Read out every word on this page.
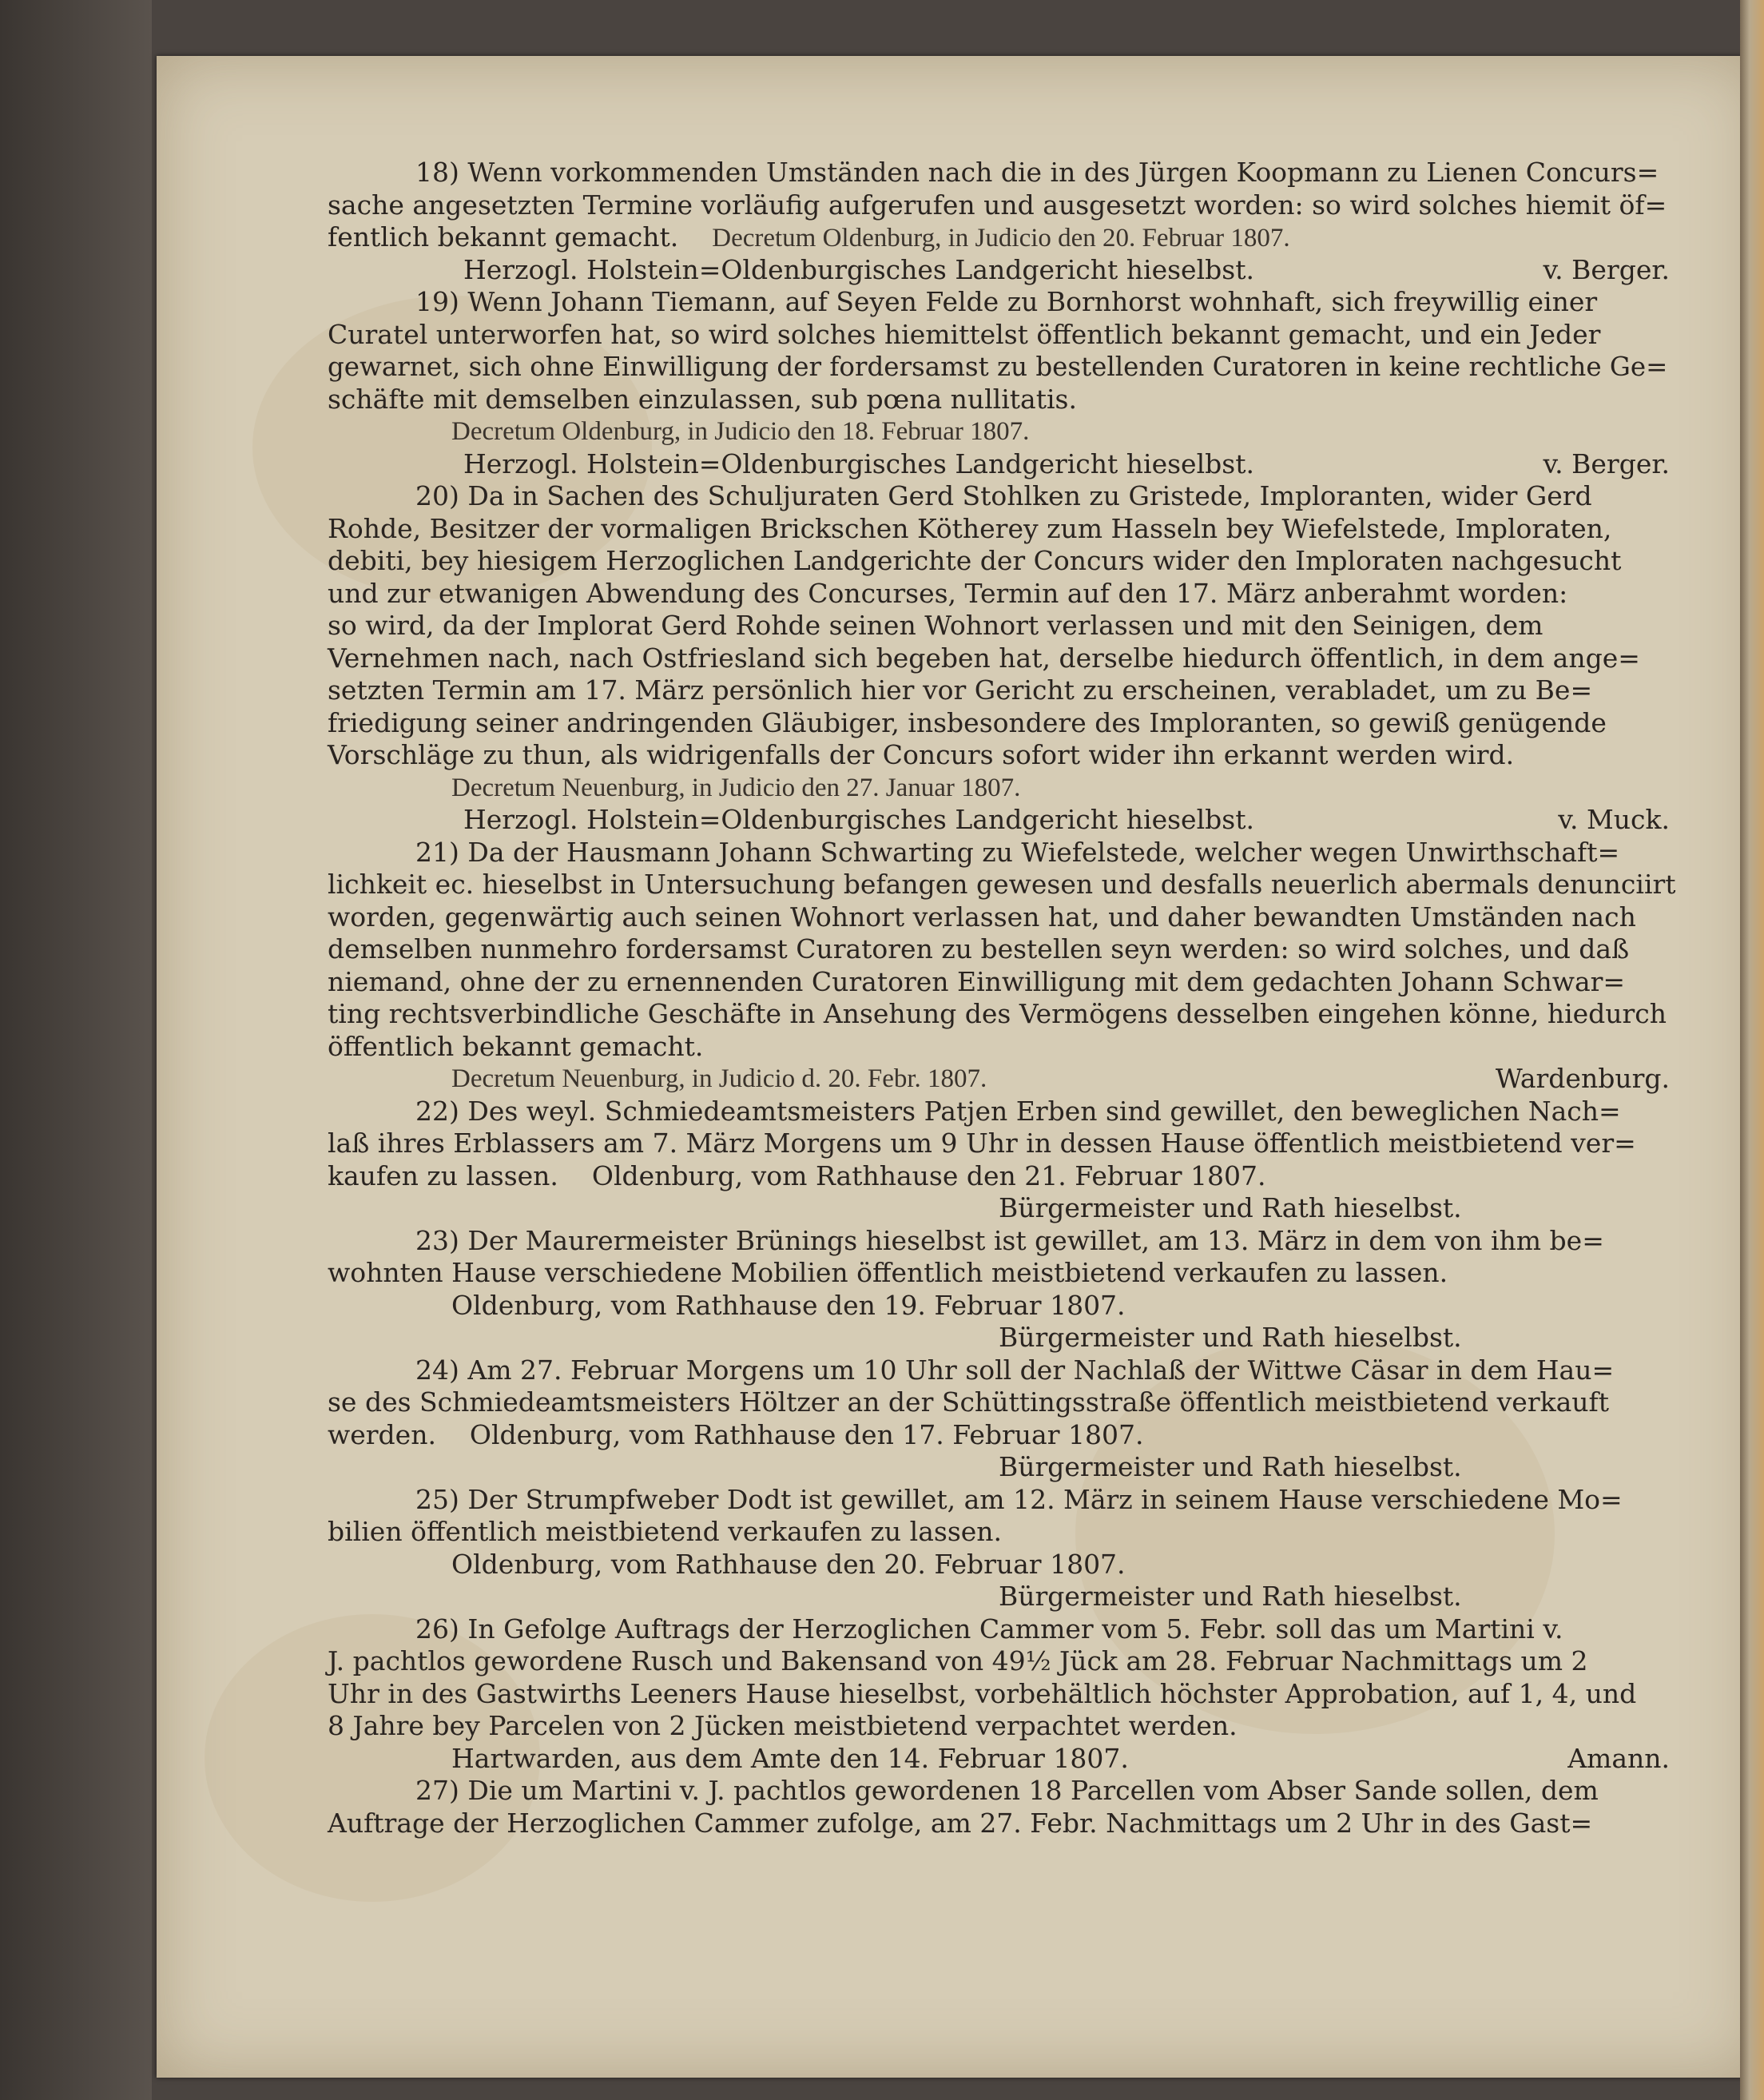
18) Wenn vorkommenden Umständen nach die in des Jürgen Koopmann zu Lienen Concurs=
sache angesetzten Termine vorläufig aufgerufen und ausgesetzt worden: so wird solches hiemit öf=
fentlich bekannt gemacht. Decretum Oldenburg, in Judicio den 20. Februar 1807.
Herzogl. Holstein=Oldenburgisches Landgericht hieselbst.	v. Berger.
19) Wenn Johann Tiemann, auf Seyen Felde zu Bornhorst wohnhaft, sich freywillig einer
Curatel unterworfen hat, so wird solches hiemittelst öffentlich bekannt gemacht, und ein Jeder
gewarnet, sich ohne Einwilligung der fordersamst zu bestellenden Curatoren in keine rechtliche Ge=
schäfte mit demselben einzulassen, sub pœna nullitatis.
Decretum Oldenburg, in Judicio den 18. Februar 1807.
Herzogl. Holstein=Oldenburgisches Landgericht hieselbst.	v. Berger.
20) Da in Sachen des Schuljuraten Gerd Stohlken zu Gristede, Imploranten, wider Gerd
Rohde, Besitzer der vormaligen Brickschen Kötherey zum Hasseln bey Wiefelstede, Imploraten,
debiti, bey hiesigem Herzoglichen Landgerichte der Concurs wider den Imploraten nachgesucht
und zur etwanigen Abwendung des Concurses, Termin auf den 17. März anberahmt worden:
so wird, da der Implorat Gerd Rohde seinen Wohnort verlassen und mit den Seinigen, dem
Vernehmen nach, nach Ostfriesland sich begeben hat, derselbe hiedurch öffentlich, in dem ange=
setzten Termin am 17. März persönlich hier vor Gericht zu erscheinen, verabladet, um zu Be=
friedigung seiner andringenden Gläubiger, insbesondere des Imploranten, so gewiß genügende
Vorschläge zu thun, als widrigenfalls der Concurs sofort wider ihn erkannt werden wird.
Decretum Neuenburg, in Judicio den 27. Januar 1807.
Herzogl. Holstein=Oldenburgisches Landgericht hieselbst.	v. Muck.
21) Da der Hausmann Johann Schwarting zu Wiefelstede, welcher wegen Unwirthschaft=
lichkeit ec. hieselbst in Untersuchung befangen gewesen und desfalls neuerlich abermals denunciirt
worden, gegenwärtig auch seinen Wohnort verlassen hat, und daher bewandten Umständen nach
demselben nunmehro fordersamst Curatoren zu bestellen seyn werden: so wird solches, und daß
niemand, ohne der zu ernennenden Curatoren Einwilligung mit dem gedachten Johann Schwar=
ting rechtsverbindliche Geschäfte in Ansehung des Vermögens desselben eingehen könne, hiedurch
öffentlich bekannt gemacht.
Decretum Neuenburg, in Judicio d. 20. Febr. 1807.	Wardenburg.
22) Des weyl. Schmiedeamtsmeisters Patjen Erben sind gewillet, den beweglichen Nach=
laß ihres Erblassers am 7. März Morgens um 9 Uhr in dessen Hause öffentlich meistbietend ver=
kaufen zu lassen. Oldenburg, vom Rathhause den 21. Februar 1807.
Bürgermeister und Rath hieselbst.
23) Der Maurermeister Brünings hieselbst ist gewillet, am 13. März in dem von ihm be=
wohnten Hause verschiedene Mobilien öffentlich meistbietend verkaufen zu lassen.
Oldenburg, vom Rathhause den 19. Februar 1807.
Bürgermeister und Rath hieselbst.
24) Am 27. Februar Morgens um 10 Uhr soll der Nachlaß der Wittwe Cäsar in dem Hau=
se des Schmiedeamtsmeisters Höltzer an der Schüttingsstraße öffentlich meistbietend verkauft
werden. Oldenburg, vom Rathhause den 17. Februar 1807.
Bürgermeister und Rath hieselbst.
25) Der Strumpfweber Dodt ist gewillet, am 12. März in seinem Hause verschiedene Mo=
bilien öffentlich meistbietend verkaufen zu lassen.
Oldenburg, vom Rathhause den 20. Februar 1807.
Bürgermeister und Rath hieselbst.
26) In Gefolge Auftrags der Herzoglichen Cammer vom 5. Febr. soll das um Martini v.
J. pachtlos gewordene Rusch und Bakensand von 49½ Jück am 28. Februar Nachmittags um 2
Uhr in des Gastwirths Leeners Hause hieselbst, vorbehältlich höchster Approbation, auf 1, 4, und
8 Jahre bey Parcelen von 2 Jücken meistbietend verpachtet werden.
Hartwarden, aus dem Amte den 14. Februar 1807.	Amann.
27) Die um Martini v. J. pachtlos gewordenen 18 Parcellen vom Abser Sande sollen, dem
Auftrage der Herzoglichen Cammer zufolge, am 27. Febr. Nachmittags um 2 Uhr in des Gast=
